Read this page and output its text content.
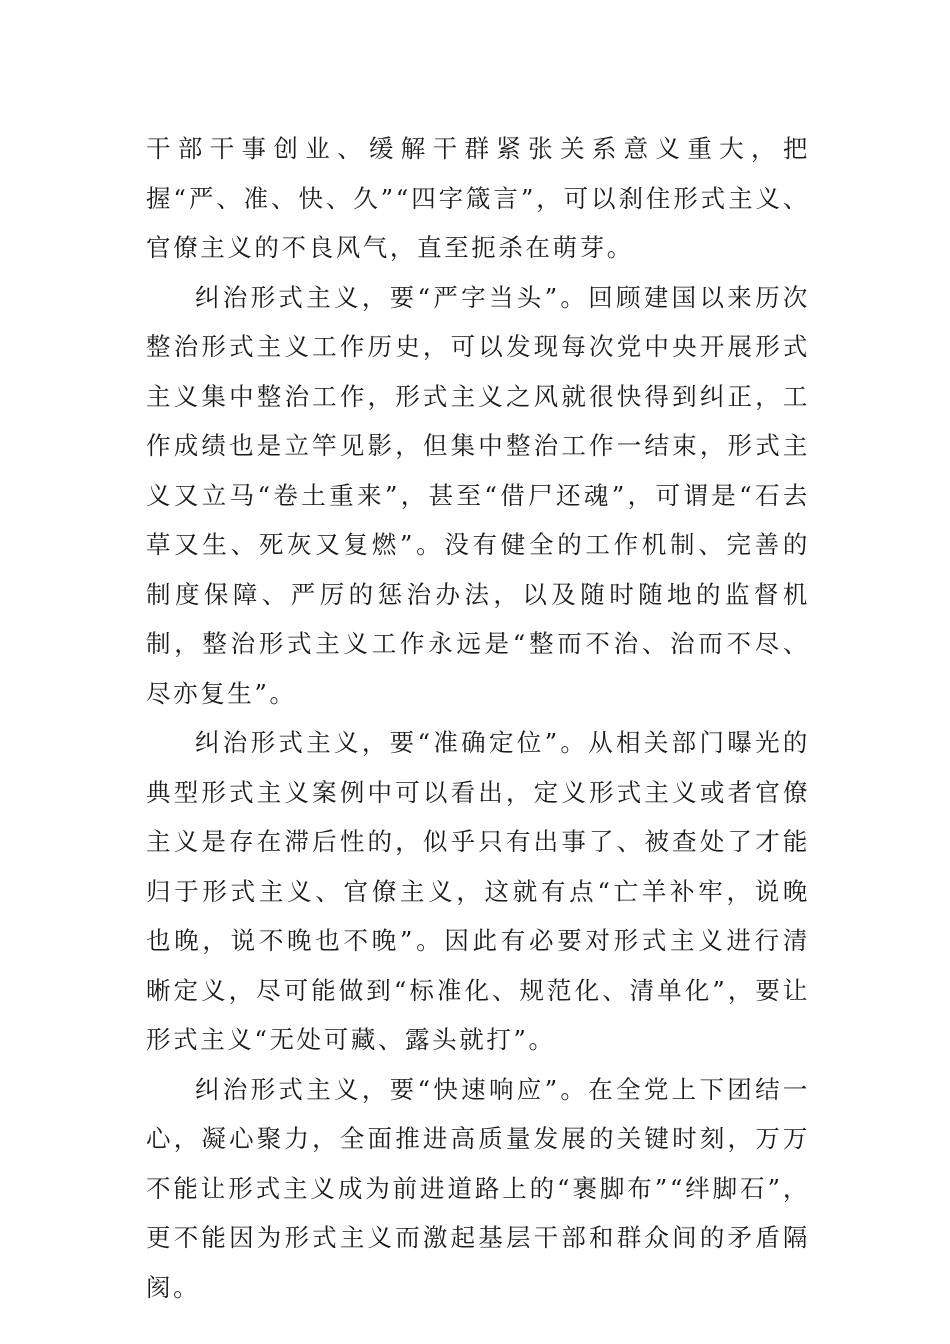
干部干事创业、缓解干群紧张关系意义重大，把握“严、准、快、久”“四字箴言”，可以刹住形式主义、官僚主义的不良风气，直至扼杀在萌芽。

纠治形式主义，要“严字当头”。回顾建国以来历次整治形式主义工作历史，可以发现每次党中央开展形式主义集中整治工作，形式主义之风就很快得到纠正，工作成绩也是立竿见影，但集中整治工作一结束，形式主义又立马“卷土重来”，甚至“借尸还魂”，可谓是“石去草又生、死灰又复燃”。没有健全的工作机制、完善的制度保障、严厉的惩治办法，以及随时随地的监督机制，整治形式主义工作永远是“整而不治、治而不尽、尽亦复生”。

纠治形式主义，要“准确定位”。从相关部门曝光的典型形式主义案例中可以看出，定义形式主义或者官僚主义是存在滞后性的，似乎只有出事了、被查处了才能归于形式主义、官僚主义，这就有点“亡羊补牢，说晚也晚，说不晚也不晚”。因此有必要对形式主义进行清晰定义，尽可能做到“标准化、规范化、清单化”，要让形式主义“无处可藏、露头就打”。

纠治形式主义，要“快速响应”。在全党上下团结一心，凝心聚力，全面推进高质量发展的关键时刻，万万不能让形式主义成为前进道路上的“裹脚布”“绊脚石”，更不能因为形式主义而激起基层干部和群众间的矛盾隔阂。
